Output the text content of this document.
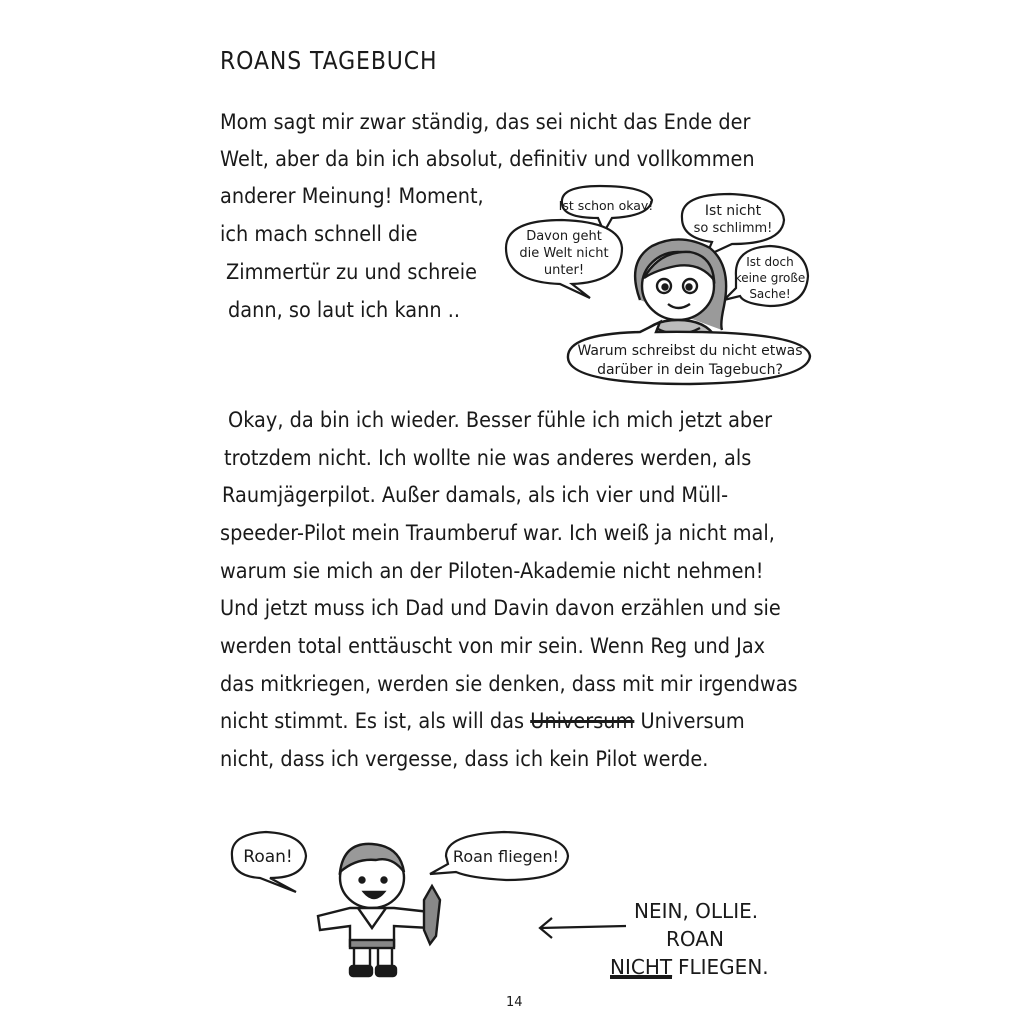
ROANS TAGEBUCH
Mom sagt mir zwar ständig, das sei nicht das Ende der
Welt, aber da bin ich absolut, definitiv und vollkommen
anderer Meinung! Moment,
ich mach schnell die
Zimmertür zu und schreie
dann, so laut ich kann ..
Ist schon okay!	Ist nicht
so schlimm!
Davon geht
die Welt nicht
unter!
Ist doch
keine große
Sache!
Warum schreibst du nicht etwas
darüber in dein Tagebuch?
Okay, da bin ich wieder. Besser fühle ich mich jetzt aber
trotzdem nicht. Ich wollte nie was anderes werden, als
Raumjägerpilot. Außer damals, als ich vier und Müll-
speeder-Pilot mein Traumberuf war. Ich weiß ja nicht mal,
warum sie mich an der Piloten-Akademie nicht nehmen!
Und jetzt muss ich Dad und Davin davon erzählen und sie
werden total enttäuscht von mir sein. Wenn Reg und Jax
das mitkriegen, werden sie denken, dass mit mir irgendwas
nicht stimmt. Es ist, als will das Universum Universum
nicht, dass ich vergesse, dass ich kein Pilot werde.
Roan!	Roan fliegen!
NEIN, OLLIE.
ROAN
NICHT FLIEGEN.
14
